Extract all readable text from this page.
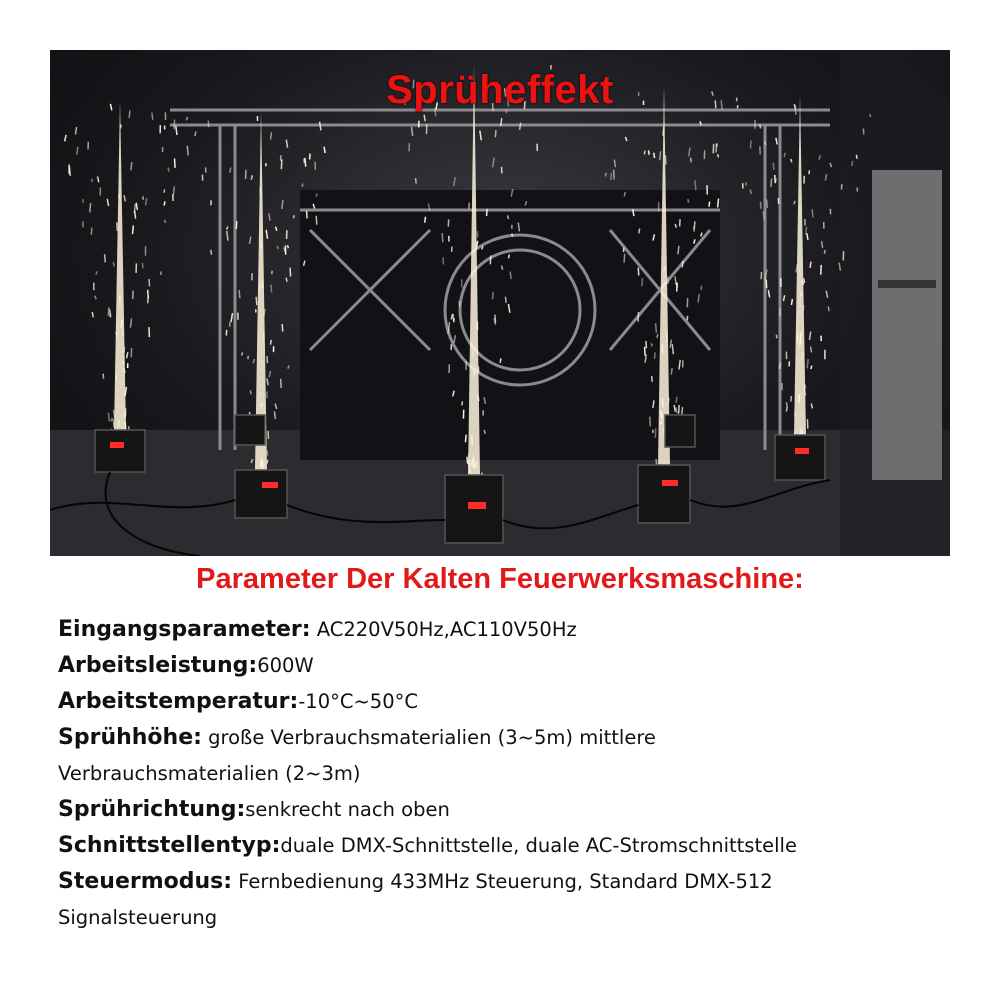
Sprüheffekt
Parameter Der Kalten Feuerwerksmaschine:
Eingangsparameter: AC220V50Hz,AC110V50Hz
Arbeitsleistung:600W
Arbeitstemperatur:-10°C~50°C
Sprühhöhe: große Verbrauchsmaterialien (3~5m) mittlere
Verbrauchsmaterialien (2~3m)
Sprührichtung:senkrecht nach oben
Schnittstellentyp:duale DMX-Schnittstelle, duale AC-Stromschnittstelle
Steuermodus: Fernbedienung 433MHz Steuerung, Standard DMX-512
Signalsteuerung
